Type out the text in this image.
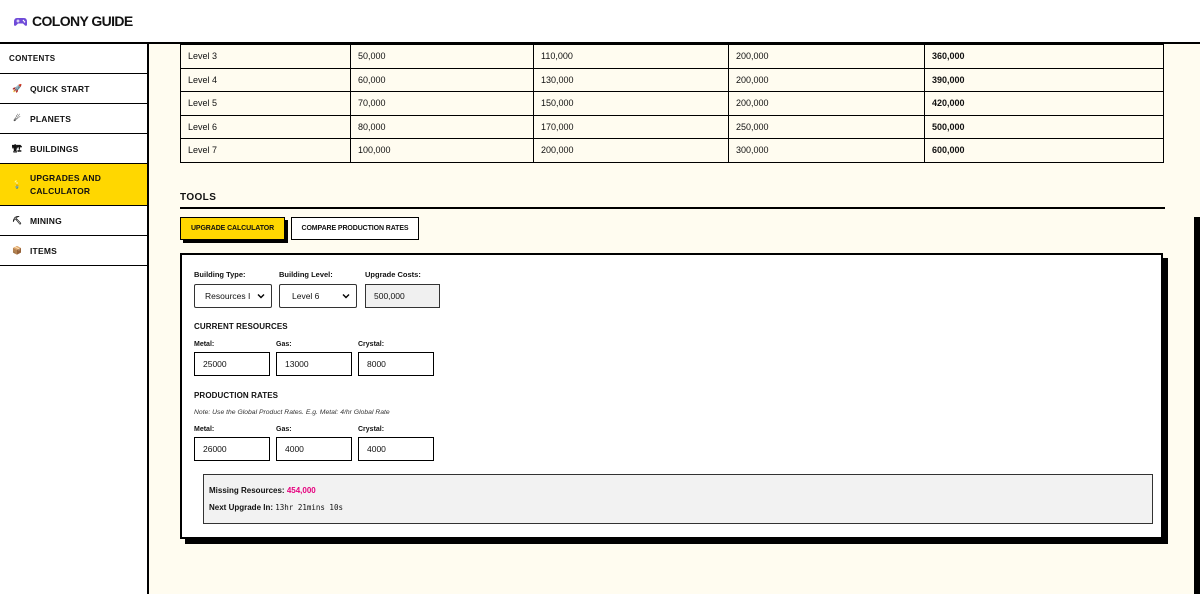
COLONY GUIDE
CONTENTS
🚀 QUICK START
☄ PLANETS
🏗 BUILDINGS
💡
UPGRADES AND
CALCULATOR
⛏ MINING
📦 ITEMS
Level 3	50,000	110,000	200,000	360,000
Level 4	60,000	130,000	200,000	390,000
Level 5	70,000	150,000	200,000	420,000
Level 6	80,000	170,000	250,000	500,000
Level 7	100,000	200,000	300,000	600,000
TOOLS
UPGRADE CALCULATOR	COMPARE PRODUCTION RATES
Building Type:	Building Level:	Upgrade Costs:
Resources I	Level 6	500,000
CURRENT RESOURCES
Metal:	Gas:	Crystal:
25000	13000	8000
PRODUCTION RATES
Note: Use the Global Product Rates. E.g. Metal: 4/hr Global Rate
Metal:	Gas:	Crystal:
26000	4000	4000
Missing Resources: 454,000
Next Upgrade In: 13hr 21mins 10s
